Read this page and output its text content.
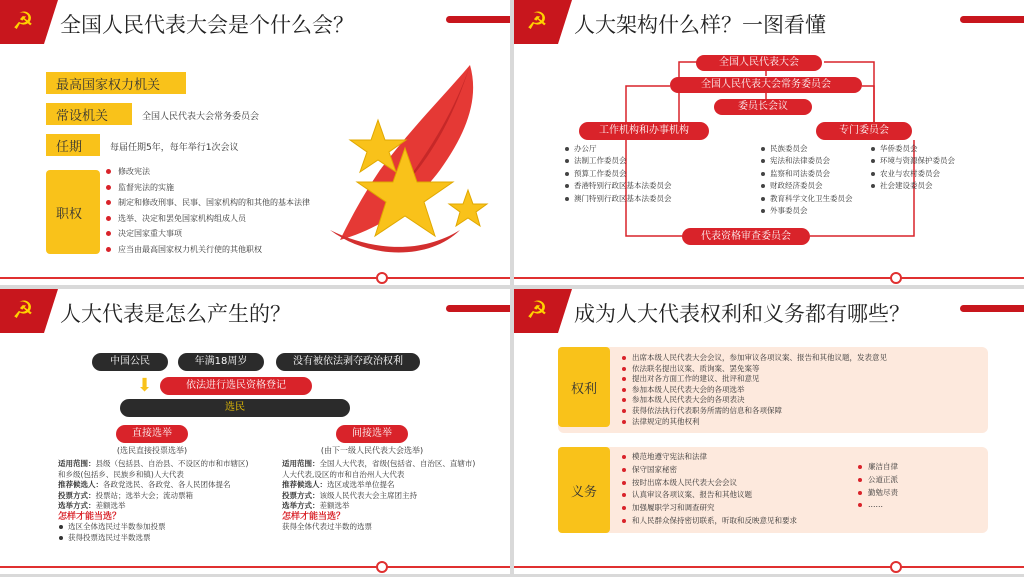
☭ 全国人民代表大会是个什么会？
最高国家权力机关
常设机关	全国人民代表大会常务委员会
任期	每届任期5年，每年举行1次会议
职权
修改宪法
监督宪法的实施
制定和修改刑事、民事、国家机构的和其他的基本法律
选举、决定和罢免国家机构组成人员
决定国家重大事项
应当由最高国家权力机关行使的其他职权
☭ 人大架构什么样？一图看懂
全国人民代表大会
全国人民代表大会常务委员会
委员长会议
工作机构和办事机构	专门委员会
办公厅
法制工作委员会
预算工作委员会
香港特别行政区基本法委员会
澳门特别行政区基本法委员会
民族委员会
宪法和法律委员会
监察和司法委员会
财政经济委员会
教育科学文化卫生委员会
外事委员会
华侨委员会
环境与资源保护委员会
农业与农村委员会
社会建设委员会
代表资格审查委员会
☭ 人大代表是怎么产生的？
中国公民	年满18周岁	没有被依法剥夺政治权利
⬇	依法进行选民资格登记
选民
直接选举
(选民直接投票选举)
间接选举
(由下一级人民代表大会选举)
适用范围：县级（包括县、自治县、不设区的市和市辖区)和乡级(包括乡、民族乡和镇)人大代表
推荐候选人：各政党选民、各政党、各人民团体提名
投票方式：投票站；选举大会；流动票箱
选举方式：差额选举
怎样才能当选？
选区全体选民过半数参加投票
获得投票选民过半数选票
适用范围：全国人大代表，省级(包括省、自治区、直辖市)人大代表,设区的市和自治州人大代表
推荐候选人：选区或选举单位提名
投票方式：该级人民代表大会主席团主持
选举方式：差额选举
怎样才能当选？
获得全体代表过半数的选票
☭ 成为人大代表权利和义务都有哪些？
权利
出席本级人民代表大会会议，参加审议各项议案、报告和其他议题，发表意见
依法联名提出议案、质询案、罢免案等
提出对各方面工作的建议、批评和意见
参加本级人民代表大会的各项选举
参加本级人民代表大会的各项表决
获得依法执行代表职务所需的信息和各项保障
法律规定的其他权利
义务
模范地遵守宪法和法律
保守国家秘密
按时出席本级人民代表大会会议
认真审议各项议案、报告和其他议题
加强履职学习和调查研究
和人民群众保持密切联系，听取和反映意见和要求
廉洁自律
公道正派
勤勉尽责
……
